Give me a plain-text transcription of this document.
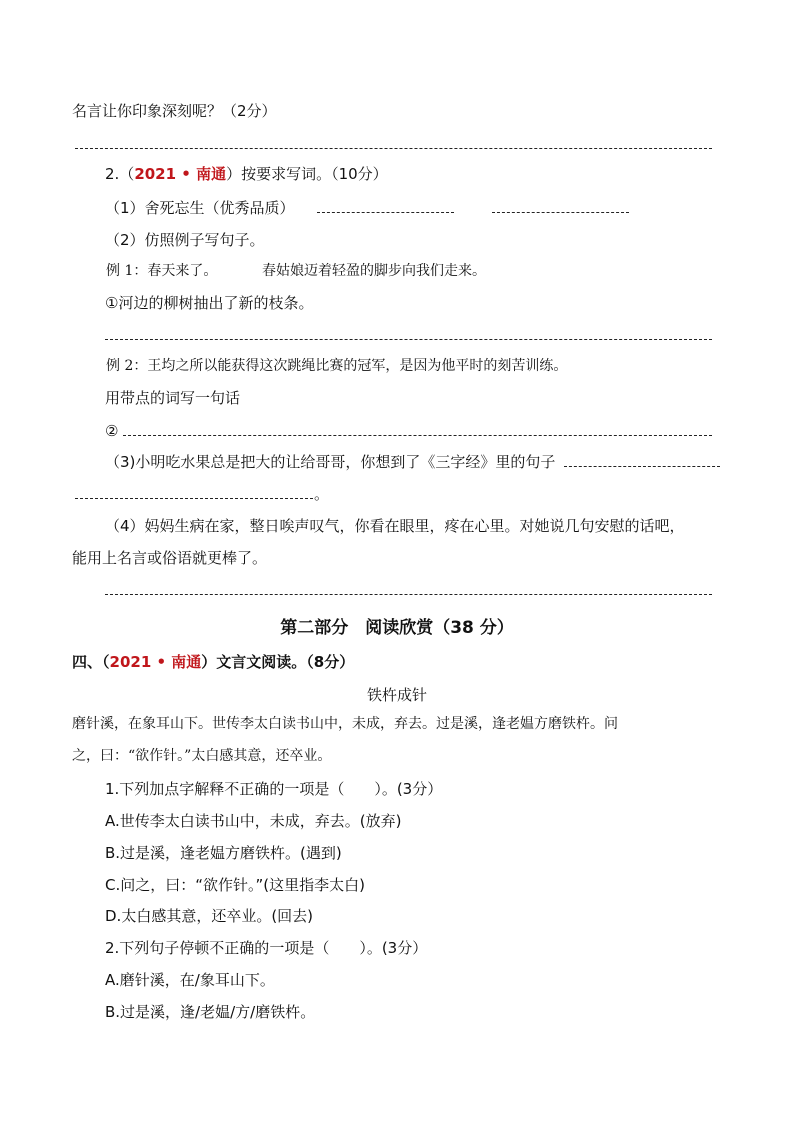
名言让你印象深刻呢？（2分）
2.（2021 • 南通）按要求写词。（10分）
（1）舍死忘生（优秀品质）
（2）仿照例子写句子。
例 1：春天来了。	春姑娘迈着轻盈的脚步向我们走来。
①河边的柳树抽出了新的枝条。
例 2：王均之所以能获得这次跳绳比赛的冠军，是因为他平时的刻苦训练。
用带点的词写一句话
②
（3)小明吃水果总是把大的让给哥哥，你想到了《三字经》里的句子
。
（4）妈妈生病在家，整日唉声叹气，你看在眼里，疼在心里。对她说几句安慰的话吧，
能用上名言或俗语就更棒了。
第二部分　阅读欣赏（38 分）
四、（2021 • 南通）文言文阅读。（8分）
铁杵成针
磨针溪，在象耳山下。世传李太白读书山中，未成，弃去。过是溪，逢老媪方磨铁杵。问
之，曰：“欲作针。”太白感其意，还卒业。
1.下列加点字解释不正确的一项是（　　）。(3分）
A.世传李太白读书山中，未成，弃去。(放弃)
B.过是溪，逢老媪方磨铁杵。(遇到)
C.问之，曰：“欲作针。”(这里指李太白)
D.太白感其意，还卒业。(回去)
2.下列句子停顿不正确的一项是（　　）。(3分）
A.磨针溪，在/象耳山下。
B.过是溪，逢/老媪/方/磨铁杵。
